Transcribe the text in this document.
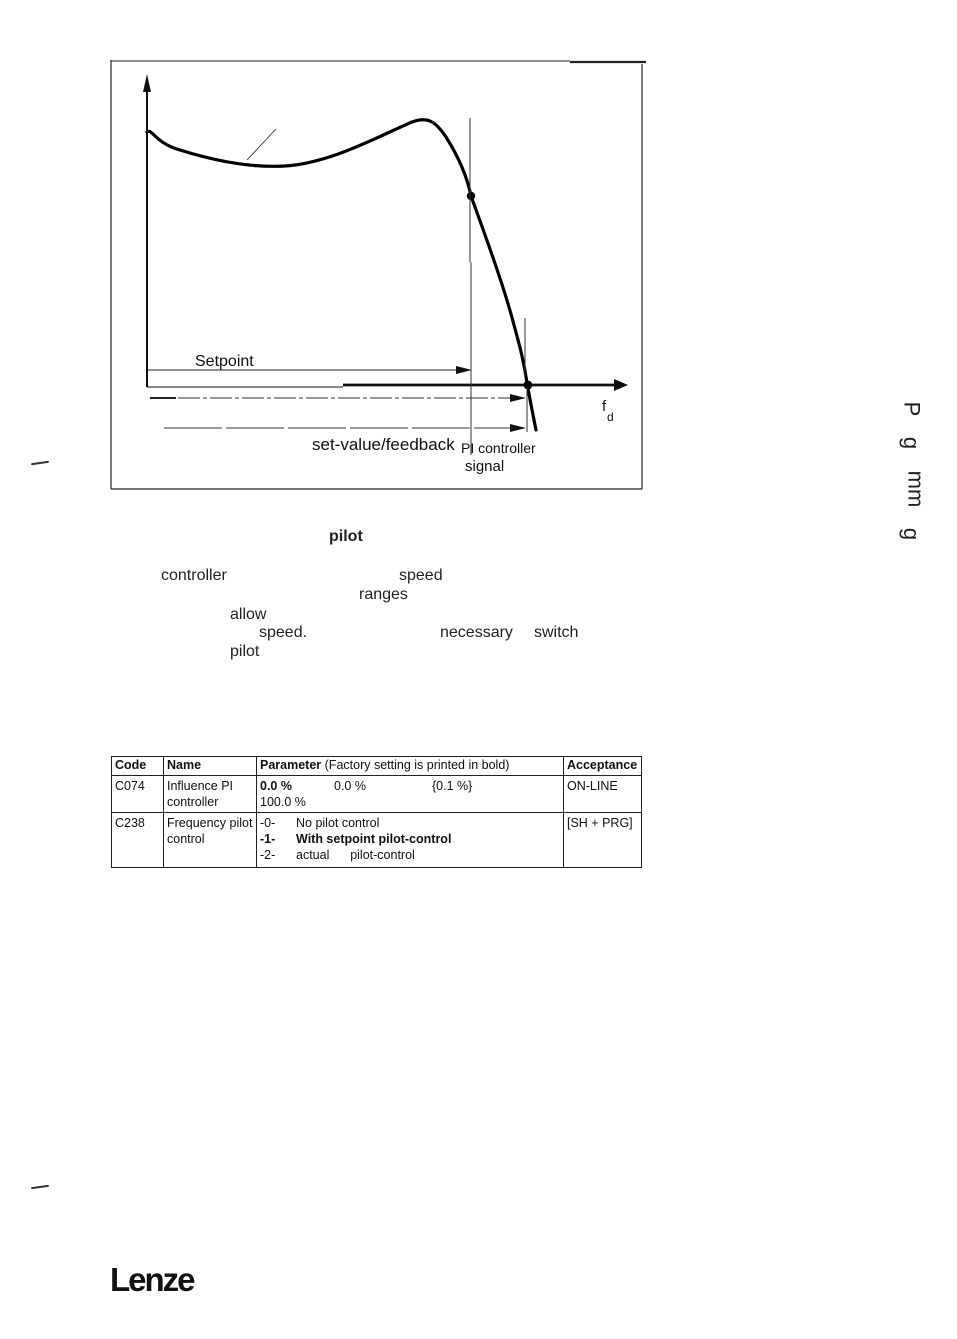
Setpoint
set-value/feedback PI controller
signal
f
d
pilot
controller	speed
ranges
allow
speed.	necessary switch
pilot
P
g
mm
g
Code	Name	Parameter (Factory setting is printed in bold)	Acceptance
C074	Influence PI controller	0.0 % 0.0 % {0.1 %}100.0 %	ON-LINE
C238	Frequency pilot control	-0- No pilot control
-1- With setpoint pilot-control
-2- actual      pilot-control	[SH + PRG]
Lenze
